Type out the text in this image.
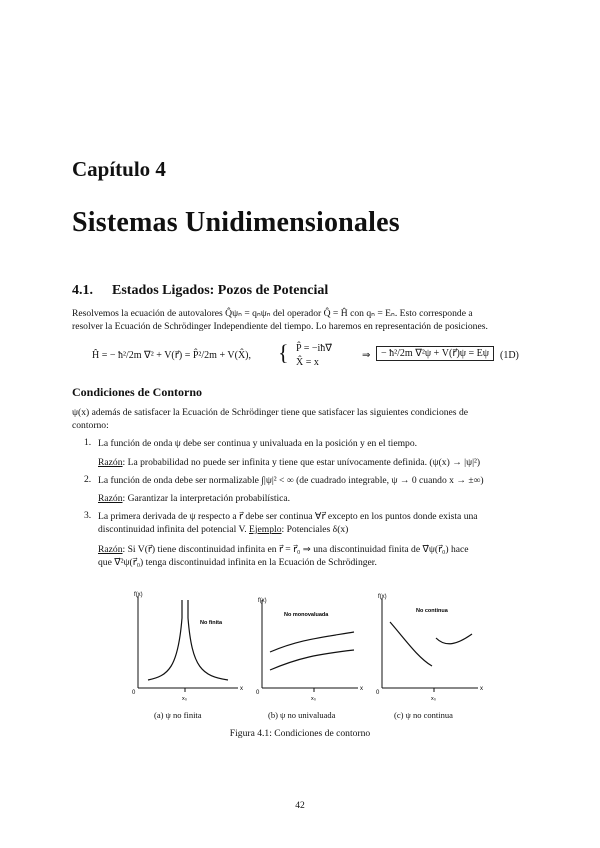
Capítulo 4
Sistemas Unidimensionales
4.1. Estados Ligados: Pozos de Potencial
Resolvemos la ecuación de autovalores Q̂ψₙ = qₙψₙ del operador Q̂ = Ĥ con qₙ = Eₙ. Esto corresponde a
resolver la Ecuación de Schrödinger Independiente del tiempo. Lo haremos en representación de posiciones.
Ĥ = − ħ²/2m ∇² + V(r⃗) = P̂²/2m + V(X̂), { P̂ = −iħ∇⃗
X̂ = x
⇒	− ħ²/2m ∇²ψ + V(r⃗)ψ = Eψ	(1D)
Condiciones de Contorno
ψ(x) además de satisfacer la Ecuación de Schrödinger tiene que satisfacer las siguientes condiciones de
contorno:
1. La función de onda ψ debe ser continua y univaluada en la posición y en el tiempo.
Razón: La probabilidad no puede ser infinita y tiene que estar unívocamente definida. (ψ(x) → |ψ|²)
2. La función de onda debe ser normalizable ∫|ψ|² < ∞ (de cuadrado integrable, ψ → 0 cuando x → ±∞)
Razón: Garantizar la interpretación probabilística.
3. La primera derivada de ψ respecto a r⃗ debe ser continua ∀r⃗ excepto en los puntos donde exista una
discontinuidad infinita del potencial V. Ejemplo: Potenciales δ(x)
Razón: Si V(r⃗) tiene discontinuidad infinita en r⃗ = r⃗₀ ⇒ una discontinuidad finita de ∇⃗ψ(r⃗₀) hace
que ∇⃗²ψ(r⃗₀) tenga discontinuidad infinita en la Ecuación de Schrödinger.
f(x)
x
0
x₀
No finita
f(x)
x
0
x₀
No monovaluada
f(x)
x
0
x₀
No continua
(a) ψ no finita	(b) ψ no univaluada	(c) ψ no continua
Figura 4.1: Condiciones de contorno
42
